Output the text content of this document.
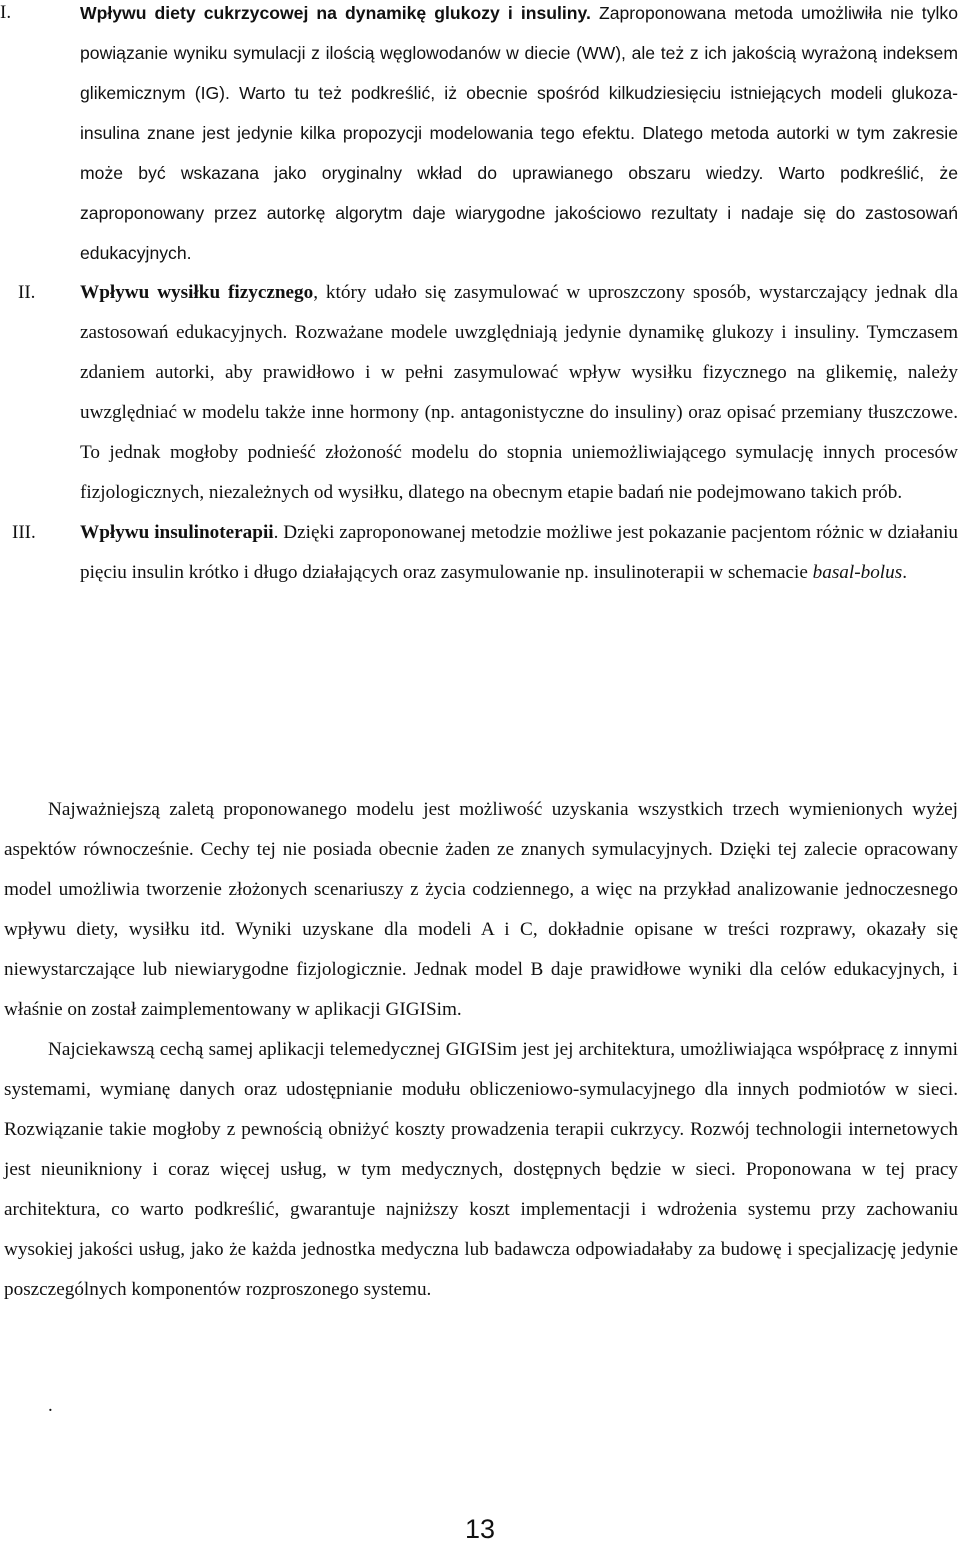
I.	Wpływu diety cukrzycowej na dynamikę glukozy i insuliny. Zaproponowana metoda umożliwiła nie tylko powiązanie wyniku symulacji z ilością węglowodanów w diecie (WW), ale też z ich jakością wyrażoną indeksem glikemicznym (IG). Warto tu też podkreślić, iż obecnie spośród kilkudziesięciu istniejących modeli glukoza-insulina znane jest jedynie kilka propozycji modelowania tego efektu. Dlatego metoda autorki w tym zakresie może być wskazana jako oryginalny wkład do uprawianego obszaru wiedzy. Warto podkreślić, że zaproponowany przez autorkę algorytm daje wiarygodne jakościowo rezultaty i nadaje się do zastosowań edukacyjnych.
II.	Wpływu wysiłku fizycznego, który udało się zasymulować w uproszczony sposób, wystarczający jednak dla zastosowań edukacyjnych. Rozważane modele uwzględniają jedynie dynamikę glukozy i insuliny. Tymczasem zdaniem autorki, aby prawidłowo i w pełni zasymulować wpływ wysiłku fizycznego na glikemię, należy uwzględniać w modelu także inne hormony (np. antagonistyczne do insuliny) oraz opisać przemiany tłuszczowe. To jednak mogłoby podnieść złożoność modelu do stopnia uniemożliwiającego symulację innych procesów fizjologicznych, niezależnych od wysiłku, dlatego na obecnym etapie badań nie podejmowano takich prób.
III.	Wpływu insulinoterapii. Dzięki zaproponowanej metodzie możliwe jest pokazanie pacjentom różnic w działaniu pięciu insulin krótko i długo działających oraz zasymulowanie np. insulinoterapii w schemacie basal-bolus.

Najważniejszą zaletą proponowanego modelu jest możliwość uzyskania wszystkich trzech wymienionych wyżej aspektów równocześnie. Cechy tej nie posiada obecnie żaden ze znanych symulacyjnych. Dzięki tej zalecie opracowany model umożliwia tworzenie złożonych scenariuszy z życia codziennego, a więc na przykład analizowanie jednoczesnego wpływu diety, wysiłku itd. Wyniki uzyskane dla modeli A i C, dokładnie opisane w treści rozprawy, okazały się niewystarczające lub niewiarygodne fizjologicznie. Jednak model B daje prawidłowe wyniki dla celów edukacyjnych, i właśnie on został zaimplementowany w aplikacji GIGISim.

Najciekawszą cechą samej aplikacji telemedycznej GIGISim jest jej architektura, umożliwiająca współpracę z innymi systemami, wymianę danych oraz udostępnianie modułu obliczeniowo-symulacyjnego dla innych podmiotów w sieci. Rozwiązanie takie mogłoby z pewnością obniżyć koszty prowadzenia terapii cukrzycy. Rozwój technologii internetowych jest nieunikniony i coraz więcej usług, w tym medycznych, dostępnych będzie w sieci. Proponowana w tej pracy architektura, co warto podkreślić, gwarantuje najniższy koszt implementacji i wdrożenia systemu przy zachowaniu wysokiej jakości usług, jako że każda jednostka medyczna lub badawcza odpowiadałaby za budowę i specjalizację jedynie poszczególnych komponentów rozproszonego systemu.

.
13
